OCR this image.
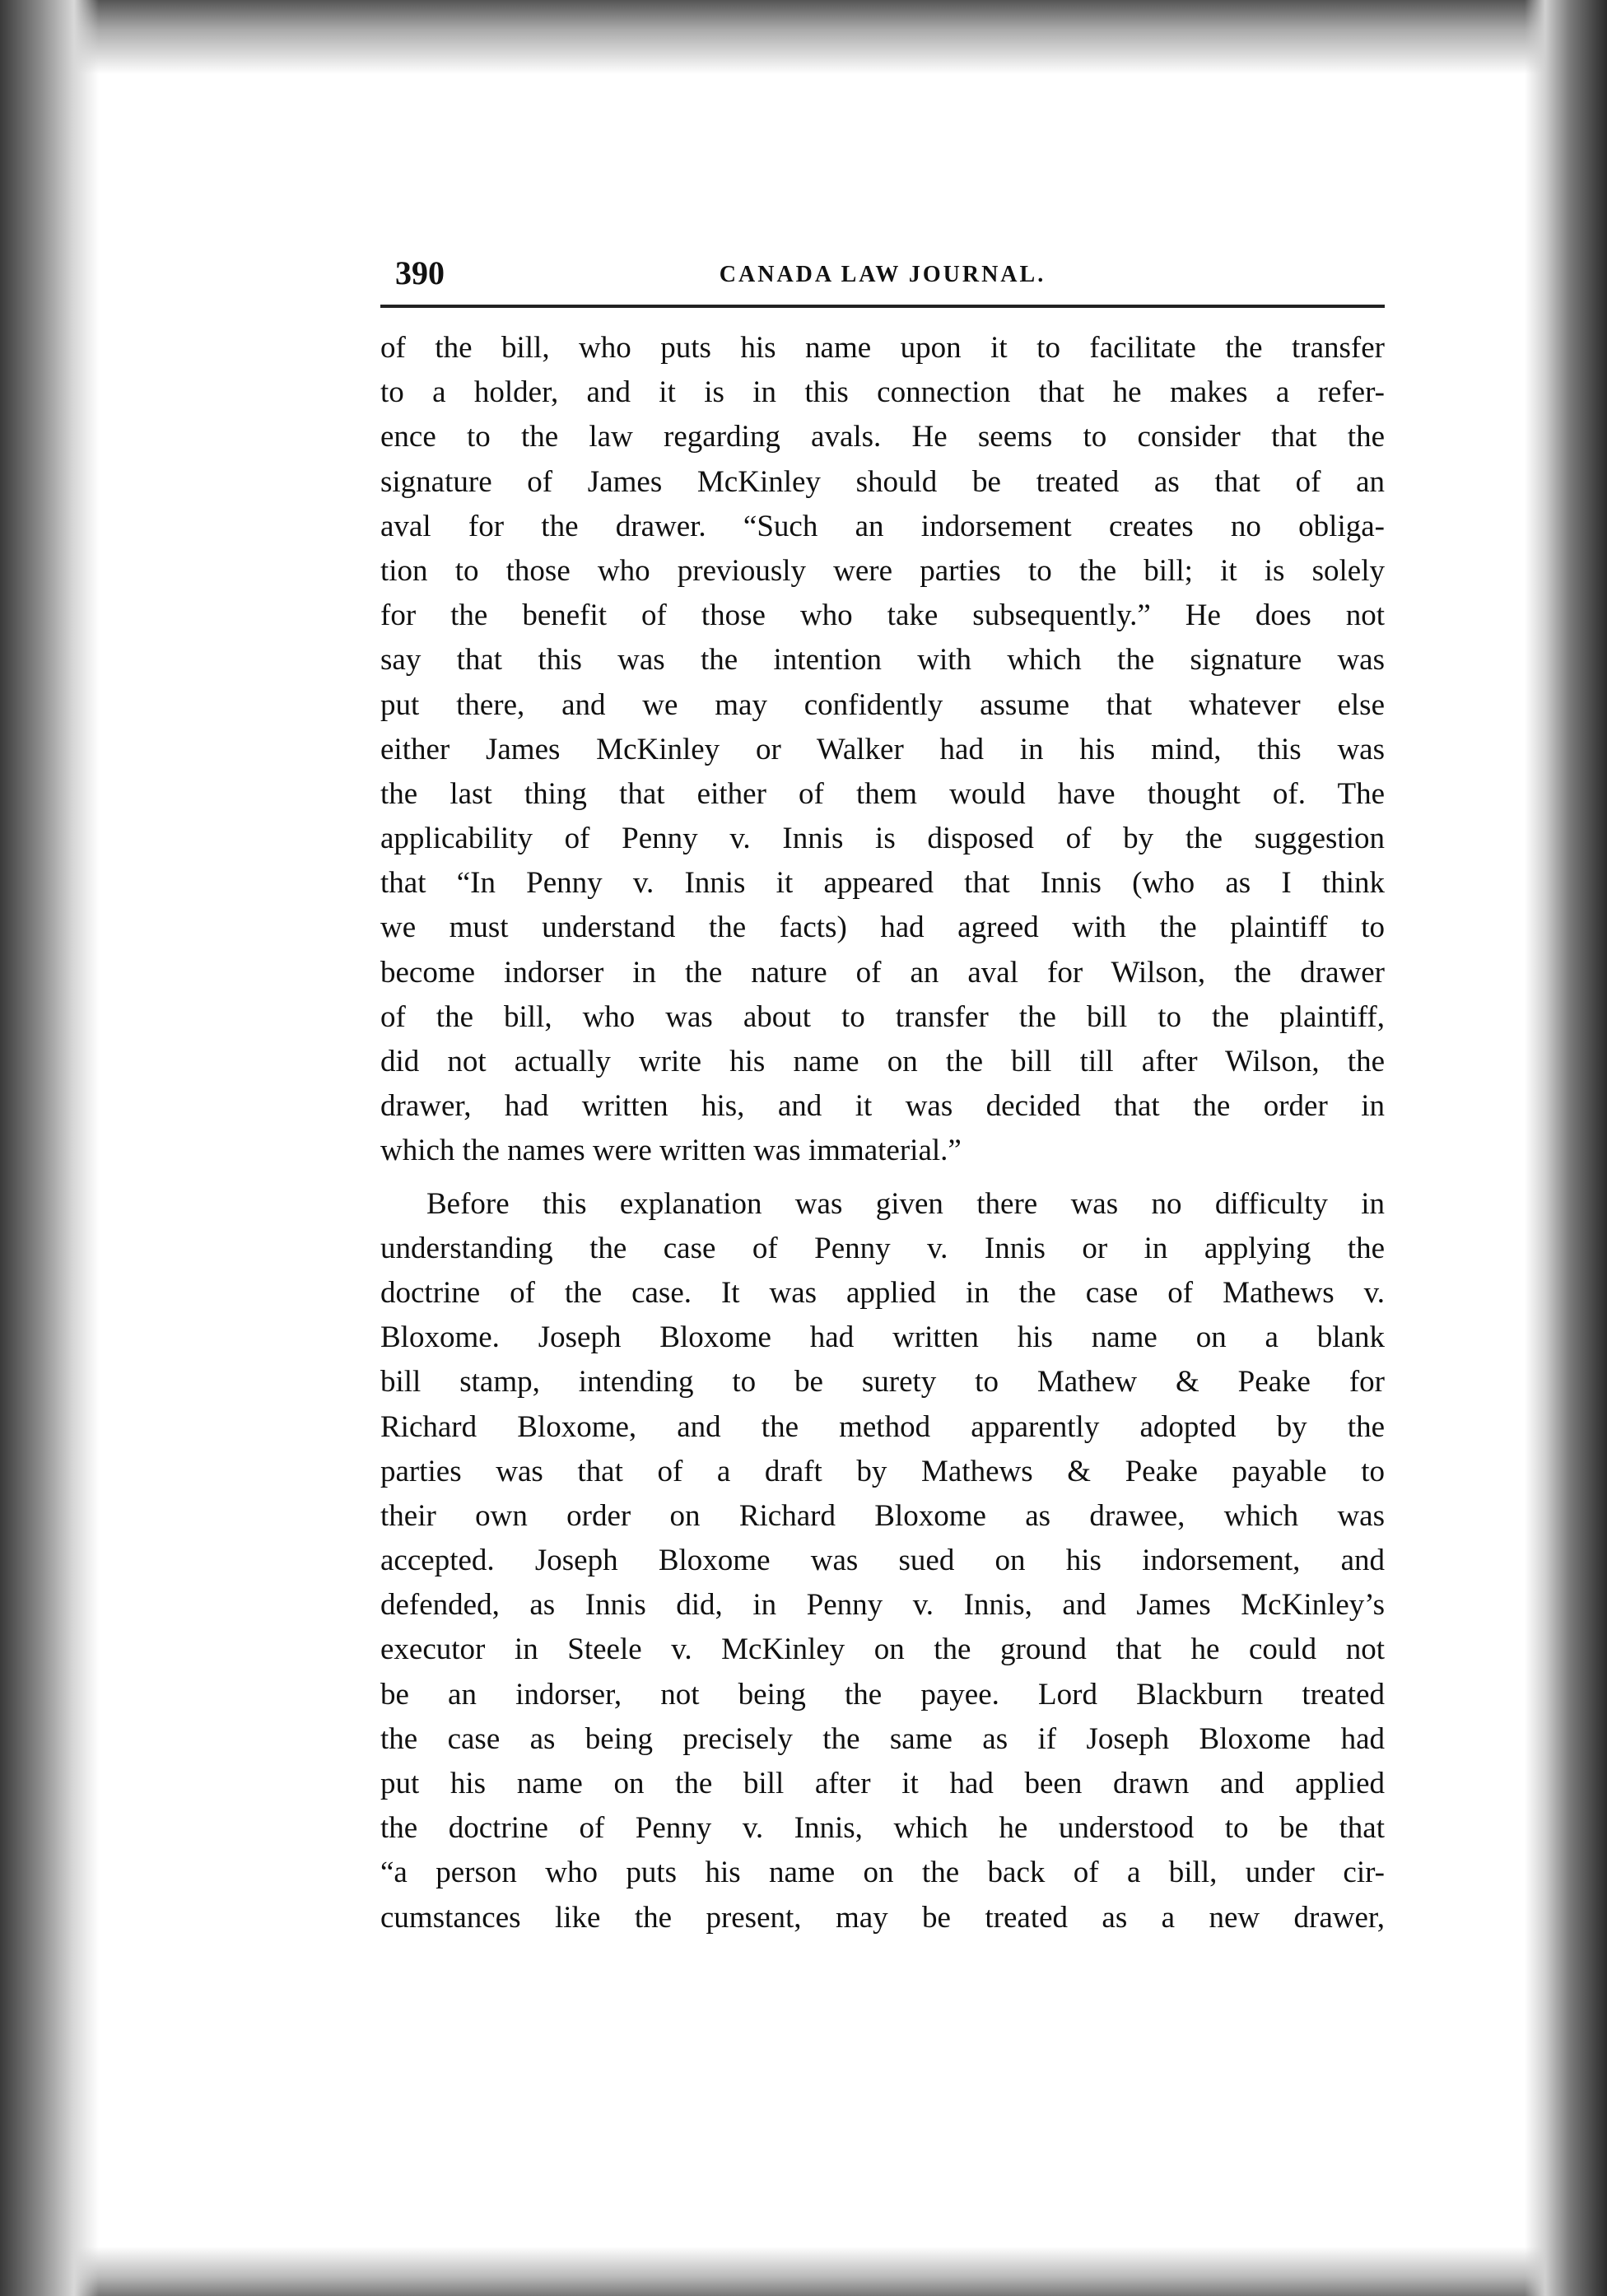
390	CANADA LAW JOURNAL.
of the bill, who puts his name upon it to facilitate the transfer
to a holder, and it is in this connection that he makes a refer-
ence to the law regarding avals. He seems to consider that the
signature of James McKinley should be treated as that of an
aval for the drawer. “Such an indorsement creates no obliga-
tion to those who previously were parties to the bill; it is solely
for the benefit of those who take subsequently.” He does not
say that this was the intention with which the signature was
put there, and we may confidently assume that whatever else
either James McKinley or Walker had in his mind, this was
the last thing that either of them would have thought of. The
applicability of Penny v. Innis is disposed of by the suggestion
that “In Penny v. Innis it appeared that Innis (who as I think
we must understand the facts) had agreed with the plaintiff to
become indorser in the nature of an aval for Wilson, the drawer
of the bill, who was about to transfer the bill to the plaintiff,
did not actually write his name on the bill till after Wilson, the
drawer, had written his, and it was decided that the order in
which the names were written was immaterial.”
Before this explanation was given there was no difficulty in
understanding the case of Penny v. Innis or in applying the
doctrine of the case. It was applied in the case of Mathews v.
Bloxome. Joseph Bloxome had written his name on a blank
bill stamp, intending to be surety to Mathew & Peake for
Richard Bloxome, and the method apparently adopted by the
parties was that of a draft by Mathews & Peake payable to
their own order on Richard Bloxome as drawee, which was
accepted. Joseph Bloxome was sued on his indorsement, and
defended, as Innis did, in Penny v. Innis, and James McKinley’s
executor in Steele v. McKinley on the ground that he could not
be an indorser, not being the payee. Lord Blackburn treated
the case as being precisely the same as if Joseph Bloxome had
put his name on the bill after it had been drawn and applied
the doctrine of Penny v. Innis, which he understood to be that
“a person who puts his name on the back of a bill, under cir-
cumstances like the present, may be treated as a new drawer,
